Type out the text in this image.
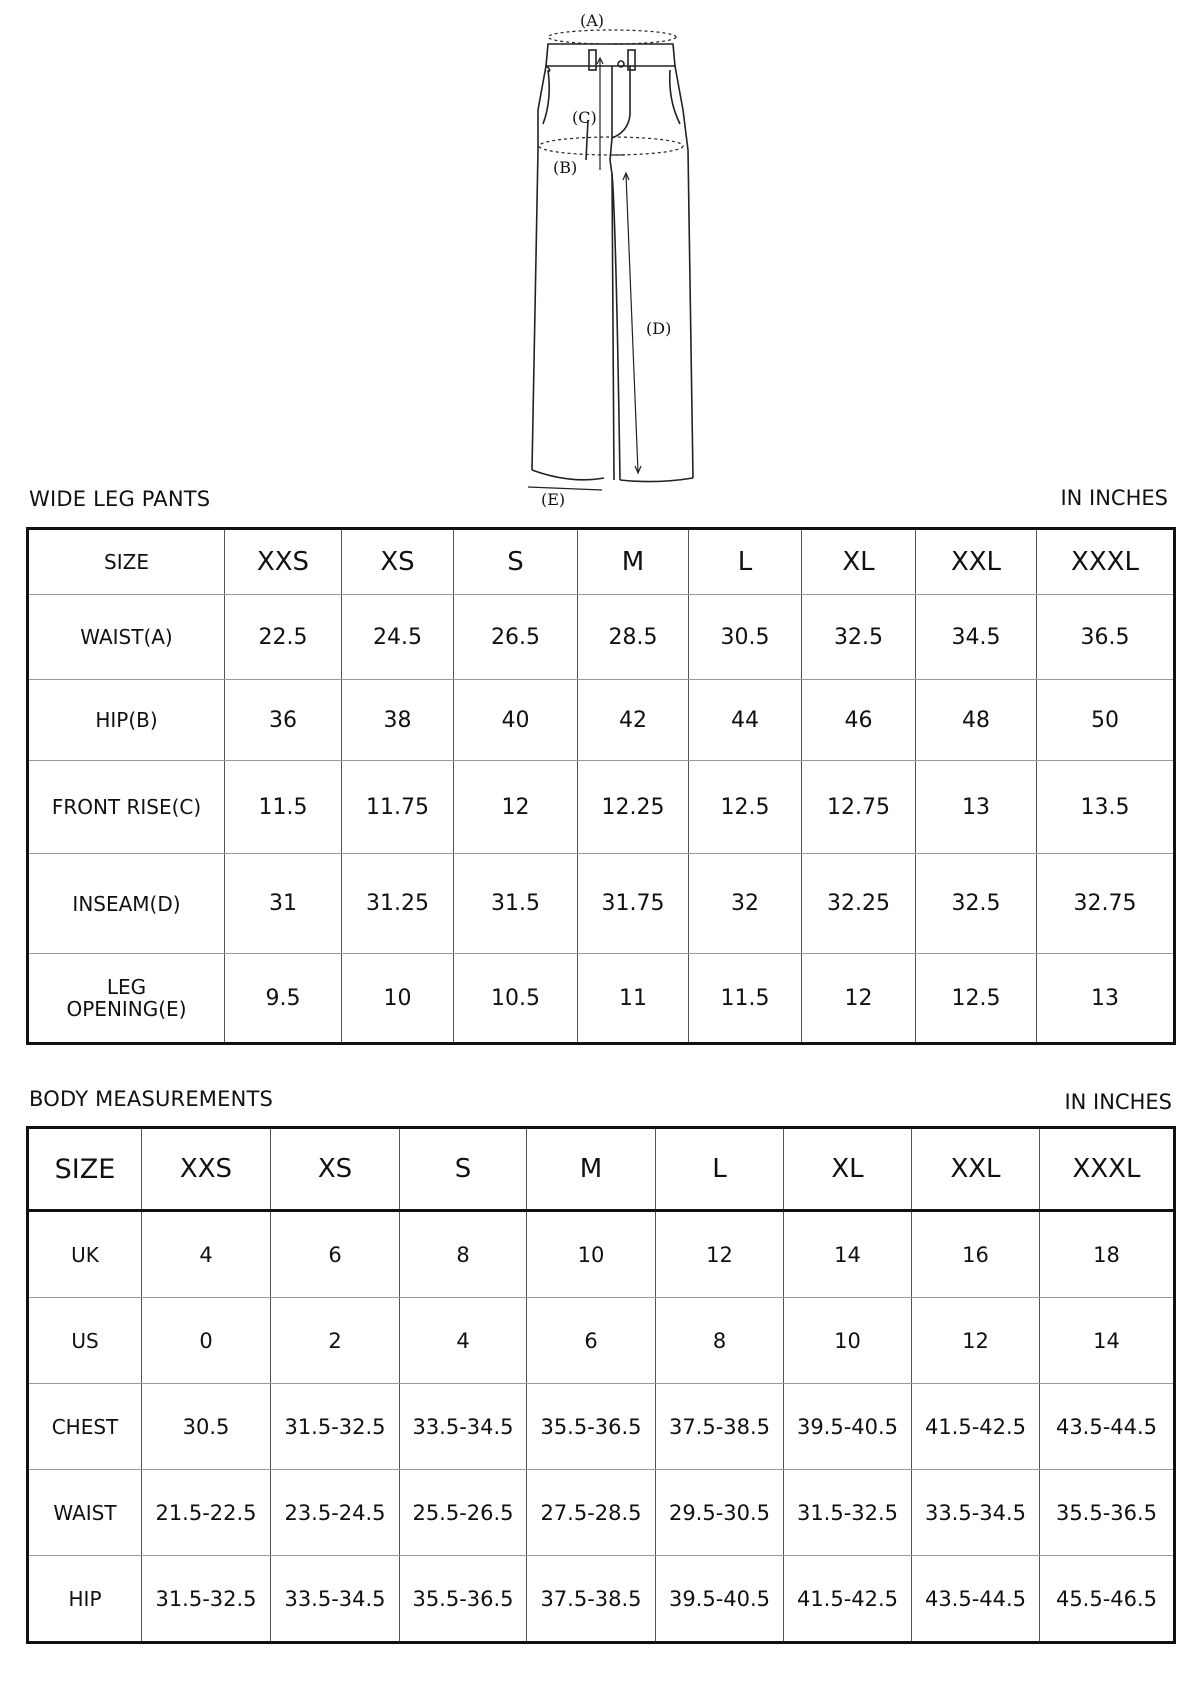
(A)
(C)
(B)
(D)
(E)
WIDE LEG PANTS	IN INCHES
SIZE	XXS	XS	S	M	L	XL	XXL	XXXL
WAIST(A)	22.5	24.5	26.5	28.5	30.5	32.5	34.5	36.5
HIP(B)	36	38	40	42	44	46	48	50
FRONT RISE(C)	11.5	11.75	12	12.25	12.5	12.75	13	13.5
INSEAM(D)	31	31.25	31.5	31.75	32	32.25	32.5	32.75
LEG
OPENING(E)	9.5	10	10.5	11	11.5	12	12.5	13
BODY MEASUREMENTS	IN INCHES
SIZE	XXS	XS	S	M	L	XL	XXL	XXXL
UK	4	6	8	10	12	14	16	18
US	0	2	4	6	8	10	12	14
CHEST	30.5	31.5-32.5	33.5-34.5	35.5-36.5	37.5-38.5	39.5-40.5	41.5-42.5	43.5-44.5
WAIST	21.5-22.5	23.5-24.5	25.5-26.5	27.5-28.5	29.5-30.5	31.5-32.5	33.5-34.5	35.5-36.5
HIP	31.5-32.5	33.5-34.5	35.5-36.5	37.5-38.5	39.5-40.5	41.5-42.5	43.5-44.5	45.5-46.5
